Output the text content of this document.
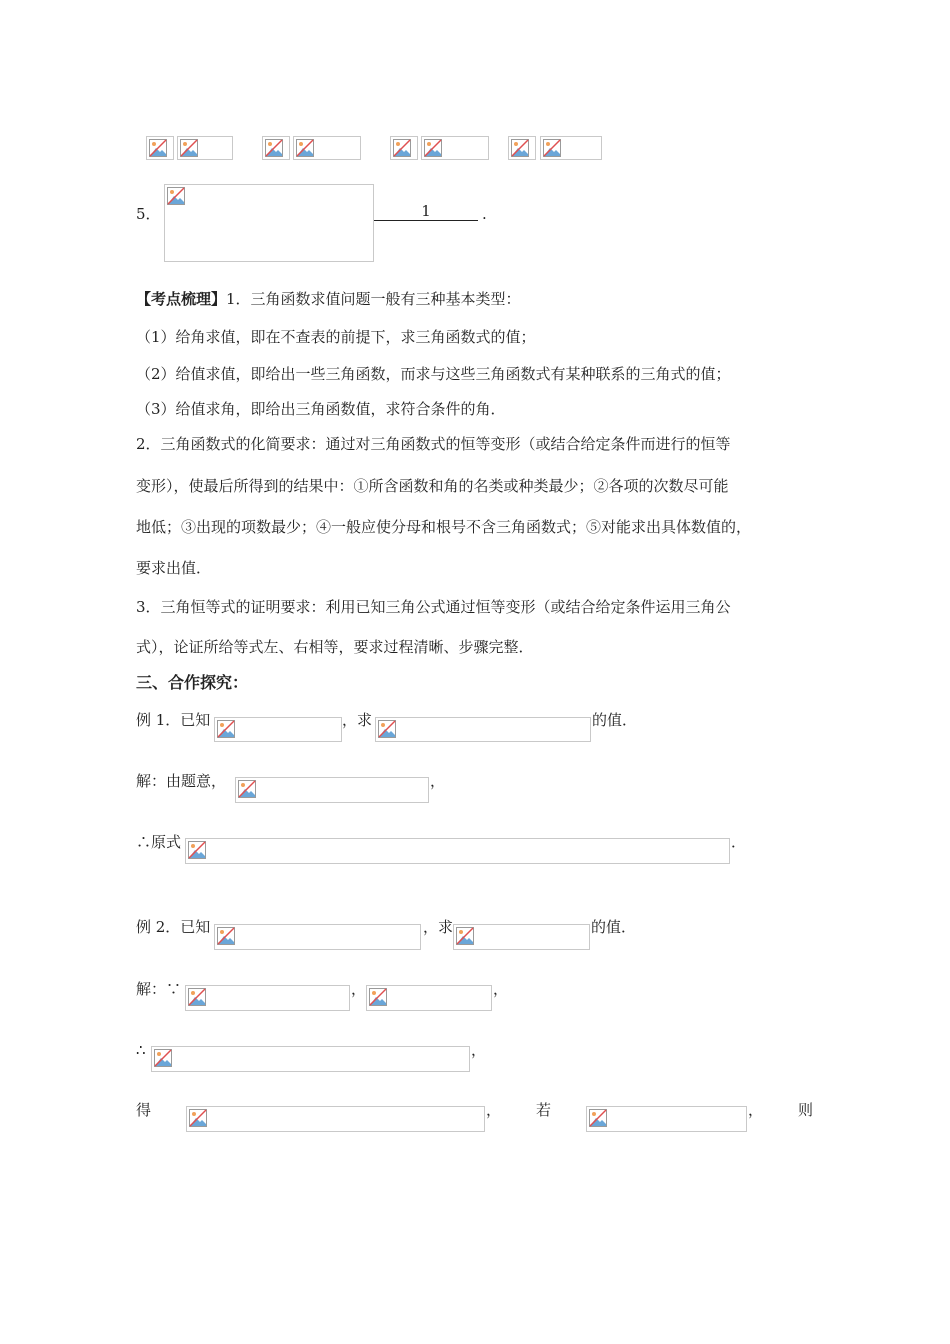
5．	1	.
【考点梳理】1．三角函数求值问题一般有三种基本类型：
（1）给角求值，即在不查表的前提下，求三角函数式的值；
（2）给值求值，即给出一些三角函数，而求与这些三角函数式有某种联系的三角式的值；
（3）给值求角，即给出三角函数值，求符合条件的角．
2．三角函数式的化简要求：通过对三角函数式的恒等变形（或结合给定条件而进行的恒等
变形），使最后所得到的结果中：①所含函数和角的名类或种类最少；②各项的次数尽可能
地低；③出现的项数最少；④一般应使分母和根号不含三角函数式；⑤对能求出具体数值的，
要求出值．
3．三角恒等式的证明要求：利用已知三角公式通过恒等变形（或结合给定条件运用三角公
式），论证所给等式左、右相等，要求过程清晰、步骤完整．
三、合作探究：
例 1．已知	，求	的值．
解：由题意，	，
∴原式	．
例 2．已知	，求	的值．
解：∵	，	，
∴	，
得	， 若	， 则
